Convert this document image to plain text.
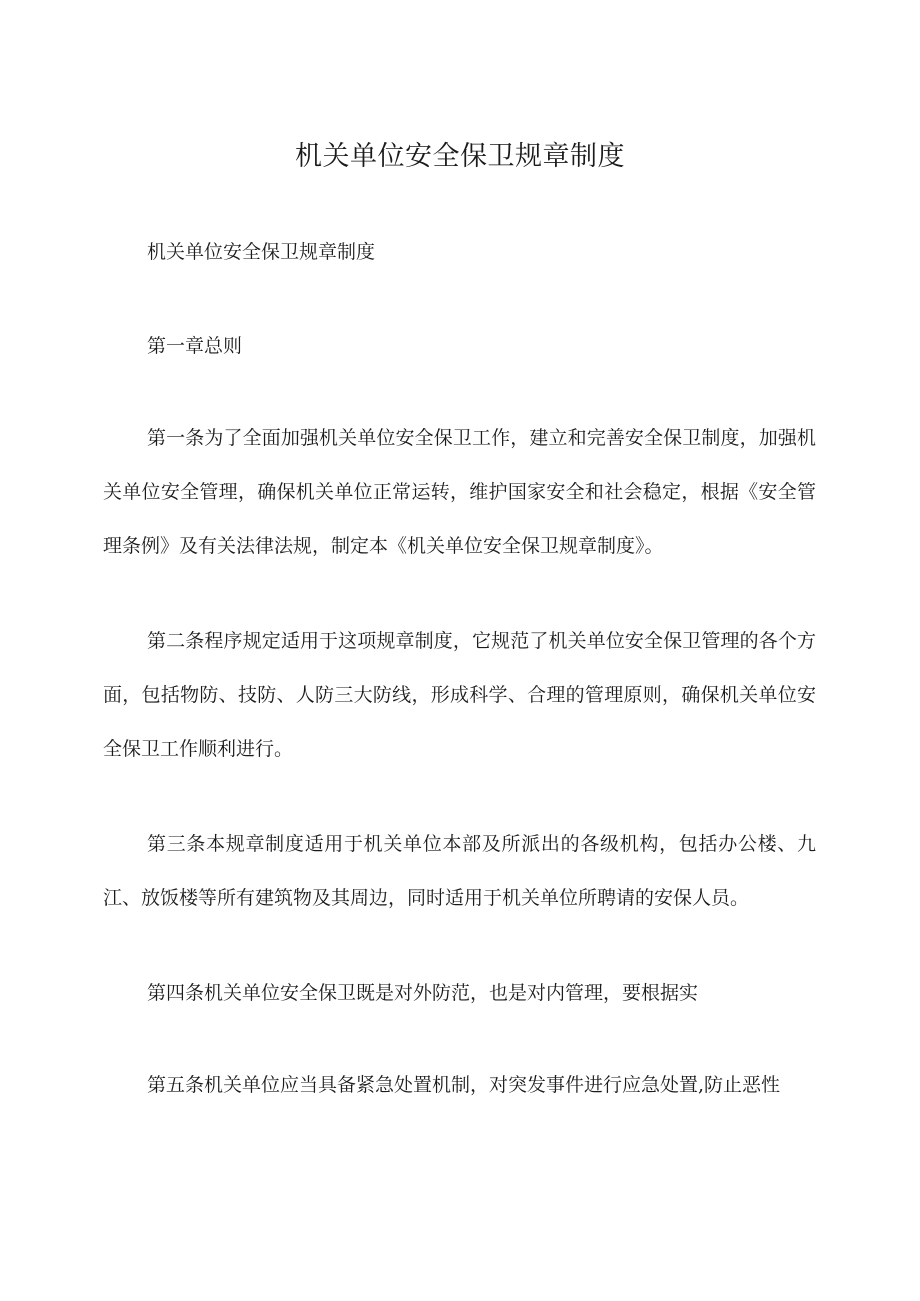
机关单位安全保卫规章制度

机关单位安全保卫规章制度

第一章总则

第一条为了全面加强机关单位安全保卫工作，建立和完善安全保卫制度，加强机关单位安全管理，确保机关单位正常运转，维护国家安全和社会稳定，根据《安全管理条例》及有关法律法规，制定本《机关单位安全保卫规章制度》。

第二条程序规定适用于这项规章制度，它规范了机关单位安全保卫管理的各个方面，包括物防、技防、人防三大防线，形成科学、合理的管理原则，确保机关单位安全保卫工作顺利进行。

第三条本规章制度适用于机关单位本部及所派出的各级机构，包括办公楼、九江、放饭楼等所有建筑物及其周边，同时适用于机关单位所聘请的安保人员。

第四条机关单位安全保卫既是对外防范，也是对内管理，要根据实

第五条机关单位应当具备紧急处置机制，对突发事件进行应急处置,防止恶性
